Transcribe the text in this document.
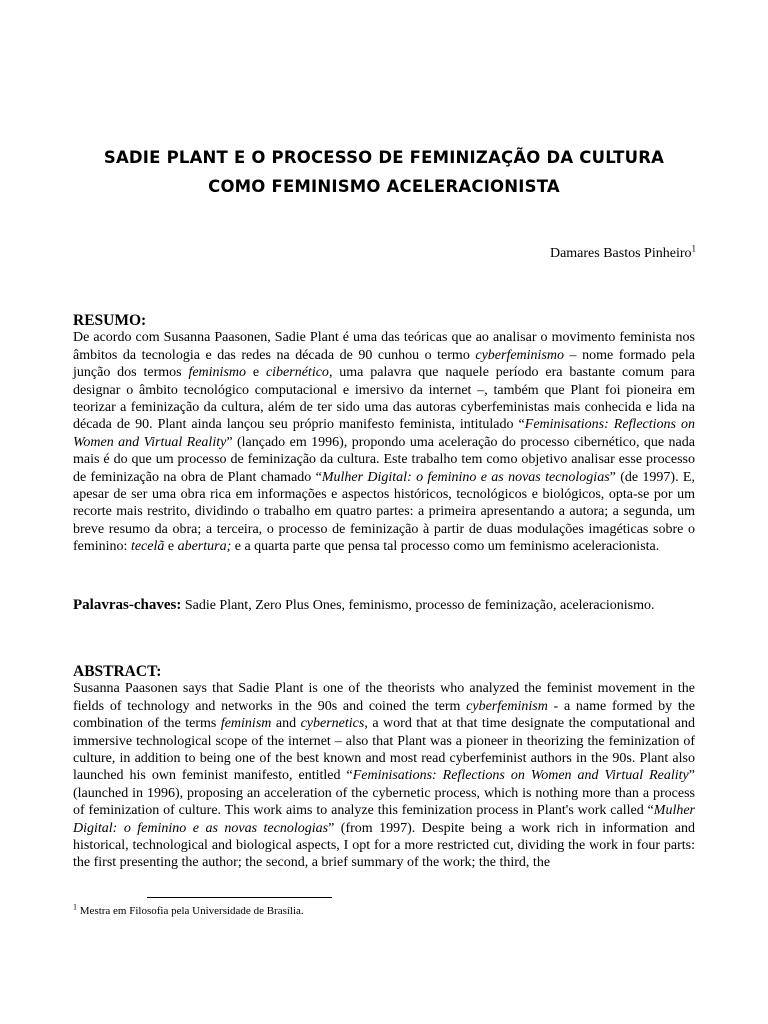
SADIE PLANT E O PROCESSO DE FEMINIZAÇÃO DA CULTURA
COMO FEMINISMO ACELERACIONISTA
Damares Bastos Pinheiro$^1$
RESUMO:
De acordo com Susanna Paasonen, Sadie Plant é uma das teóricas que ao analisar o movimento feminista nos âmbitos da tecnologia e das redes na década de 90 cunhou o termo cyberfeminismo – nome formado pela junção dos termos feminismo e cibernético, uma palavra que naquele período era bastante comum para designar o âmbito tecnológico computacional e imersivo da internet –, também que Plant foi pioneira em teorizar a feminização da cultura, além de ter sido uma das autoras cyberfeministas mais conhecida e lida na década de 90. Plant ainda lançou seu próprio manifesto feminista, intitulado “Feminisations: Reflections on Women and Virtual Reality” (lançado em 1996), propondo uma aceleração do processo cibernético, que nada mais é do que um processo de feminização da cultura. Este trabalho tem como objetivo analisar esse processo de feminização na obra de Plant chamado “Mulher Digital: o feminino e as novas tecnologias” (de 1997). E, apesar de ser uma obra rica em informações e aspectos históricos, tecnológicos e biológicos, opta-se por um recorte mais restrito, dividindo o trabalho em quatro partes: a primeira apresentando a autora; a segunda, um breve resumo da obra; a terceira, o processo de feminização à partir de duas modulações imagéticas sobre o feminino: tecelã e abertura; e a quarta parte que pensa tal processo como um feminismo aceleracionista.
Palavras-chaves: Sadie Plant, Zero Plus Ones, feminismo, processo de feminização, aceleracionismo.
ABSTRACT:
Susanna Paasonen says that Sadie Plant is one of the theorists who analyzed the feminist movement in the fields of technology and networks in the 90s and coined the term cyberfeminism - a name formed by the combination of the terms feminism and cybernetics, a word that at that time designate the computational and immersive technological scope of the internet – also that Plant was a pioneer in theorizing the feminization of culture, in addition to being one of the best known and most read cyberfeminist authors in the 90s. Plant also launched his own feminist manifesto, entitled “Feminisations: Reflections on Women and Virtual Reality” (launched in 1996), proposing an acceleration of the cybernetic process, which is nothing more than a process of feminization of culture. This work aims to analyze this feminization process in Plant's work called “Mulher Digital: o feminino e as novas tecnologias” (from 1997). Despite being a work rich in information and historical, technological and biological aspects, I opt for a more restricted cut, dividing the work in four parts: the first presenting the author; the second, a brief summary of the work; the third, the
$^1$ Mestra em Filosofia pela Universidade de Brasília.
